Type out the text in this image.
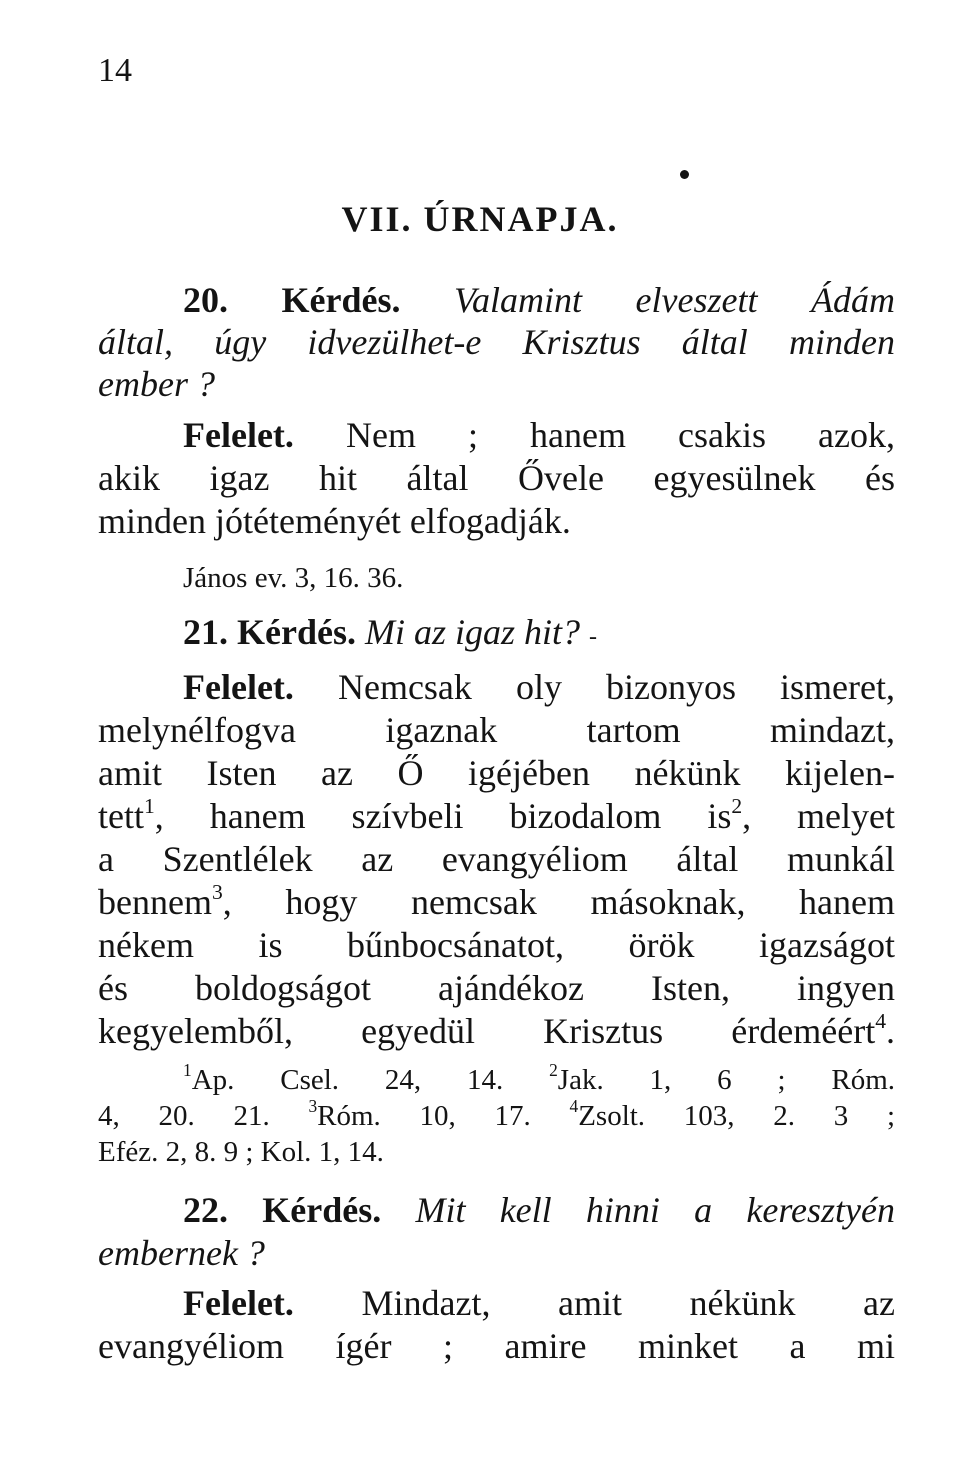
14
VII. ÚRNAPJA.
20. Kérdés. Valamint elveszett Ádám
által, úgy idvezülhet-e Krisztus által minden
ember ?
Felelet. Nem ; hanem csakis azok,
akik igaz hit által Ővele egyesülnek és
minden jótéteményét elfogadják.
János ev. 3, 16. 36.
21. Kérdés. Mi az igaz hit? -
Felelet. Nemcsak oly bizonyos ismeret,
melynélfogva igaznak tartom mindazt,
amit Isten az Ő igéjében nékünk kijelen-
tett$^1$, hanem szívbeli bizodalom $is^2$, melyet
a Szentlélek az evangyéliom által munkál
bennem$^3$, hogy nemcsak másoknak, hanem
nékem is bűnbocsánatot, örök igazságot
és boldogságot ajándékoz Isten, ingyen
kegyelemből, egyedül Krisztus érdeméért$^4$.
$^1$Ap. Csel. 24, 14.	$^2$Jak. 1, 6 ; Róm.
4, 20. 21. $^3$Róm. 10, 17. $^4$Zsolt. 103, 2. 3 ;
Eféz. 2, 8. 9 ; Kol. 1, 14.
22. Kérdés. Mit kell hinni a keresztyén
embernek ?
Felelet. Mindazt, amit nékünk az
evangyéliom ígér ; amire minket a mi
